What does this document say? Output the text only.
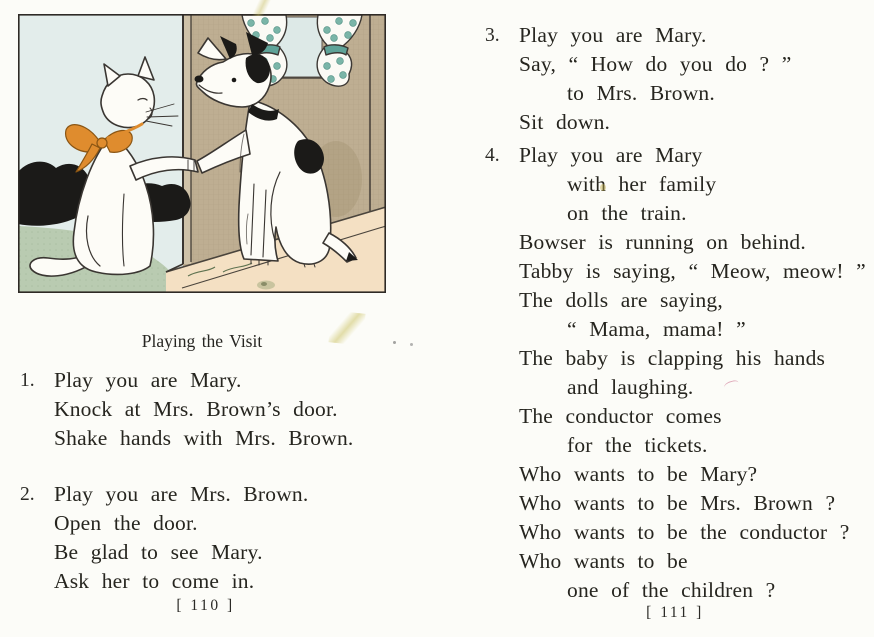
Playing the Visit
1. Play you are Mary.
Knock at Mrs. Brown’s door.
Shake hands with Mrs. Brown.
2. Play you are Mrs. Brown.
Open the door.
Be glad to see Mary.
Ask her to come in.
[ 110 ]
3. Play you are Mary.
Say, “ How do you do ? ”
to Mrs. Brown.
Sit down.
4. Play you are Mary
with her family
on the train.
Bowser is running on behind.
Tabby is saying, “ Meow, meow! ”
The dolls are saying,
“ Mama, mama! ”
The baby is clapping his hands
and laughing.
The conductor comes
for the tickets.
Who wants to be Mary?
Who wants to be Mrs. Brown ?
Who wants to be the conductor ?
Who wants to be
one of the children ?
[ 111 ]
